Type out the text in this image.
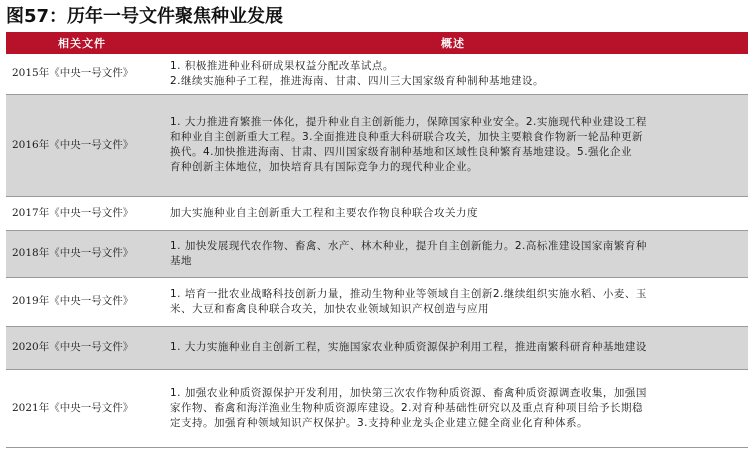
图57：历年一号文件聚焦种业发展
相关文件	概述
2015年《中央一号文件》	1. 积极推进种业科研成果权益分配改革试点。
2.继续实施种子工程，推进海南、甘肃、四川三大国家级育种制种基地建设。

2016年《中央一号文件》	1. 大力推进育繁推一体化，提升种业自主创新能力，保障国家种业安全。2.实施现代种业建设工程
和种业自主创新重大工程。3.全面推进良种重大科研联合攻关，加快主要粮食作物新一轮品种更新
换代。4.加快推进海南、甘肃、四川国家级育制种基地和区域性良种繁育基地建设。5.强化企业
育种创新主体地位，加快培育具有国际竞争力的现代种业企业。

2017年《中央一号文件》	加大实施种业自主创新重大工程和主要农作物良种联合攻关力度

2018年《中央一号文件》	1. 加快发展现代农作物、畜禽、水产、林木种业，提升自主创新能力。2.高标准建设国家南繁育种
基地

2019年《中央一号文件》	1. 培育一批农业战略科技创新力量，推动生物种业等领域自主创新2.继续组织实施水稻、小麦、玉
米、大豆和畜禽良种联合攻关，加快农业领域知识产权创造与应用

2020年《中央一号文件》	1. 大力实施种业自主创新工程，实施国家农业种质资源保护利用工程，推进南繁科研育种基地建设

2021年《中央一号文件》	1. 加强农业种质资源保护开发利用，加快第三次农作物种质资源、畜禽种质资源调查收集，加强国
家作物、畜禽和海洋渔业生物种质资源库建设。2.对育种基础性研究以及重点育种项目给予长期稳
定支持。加强育种领域知识产权保护。3.支持种业龙头企业建立健全商业化育种体系。
